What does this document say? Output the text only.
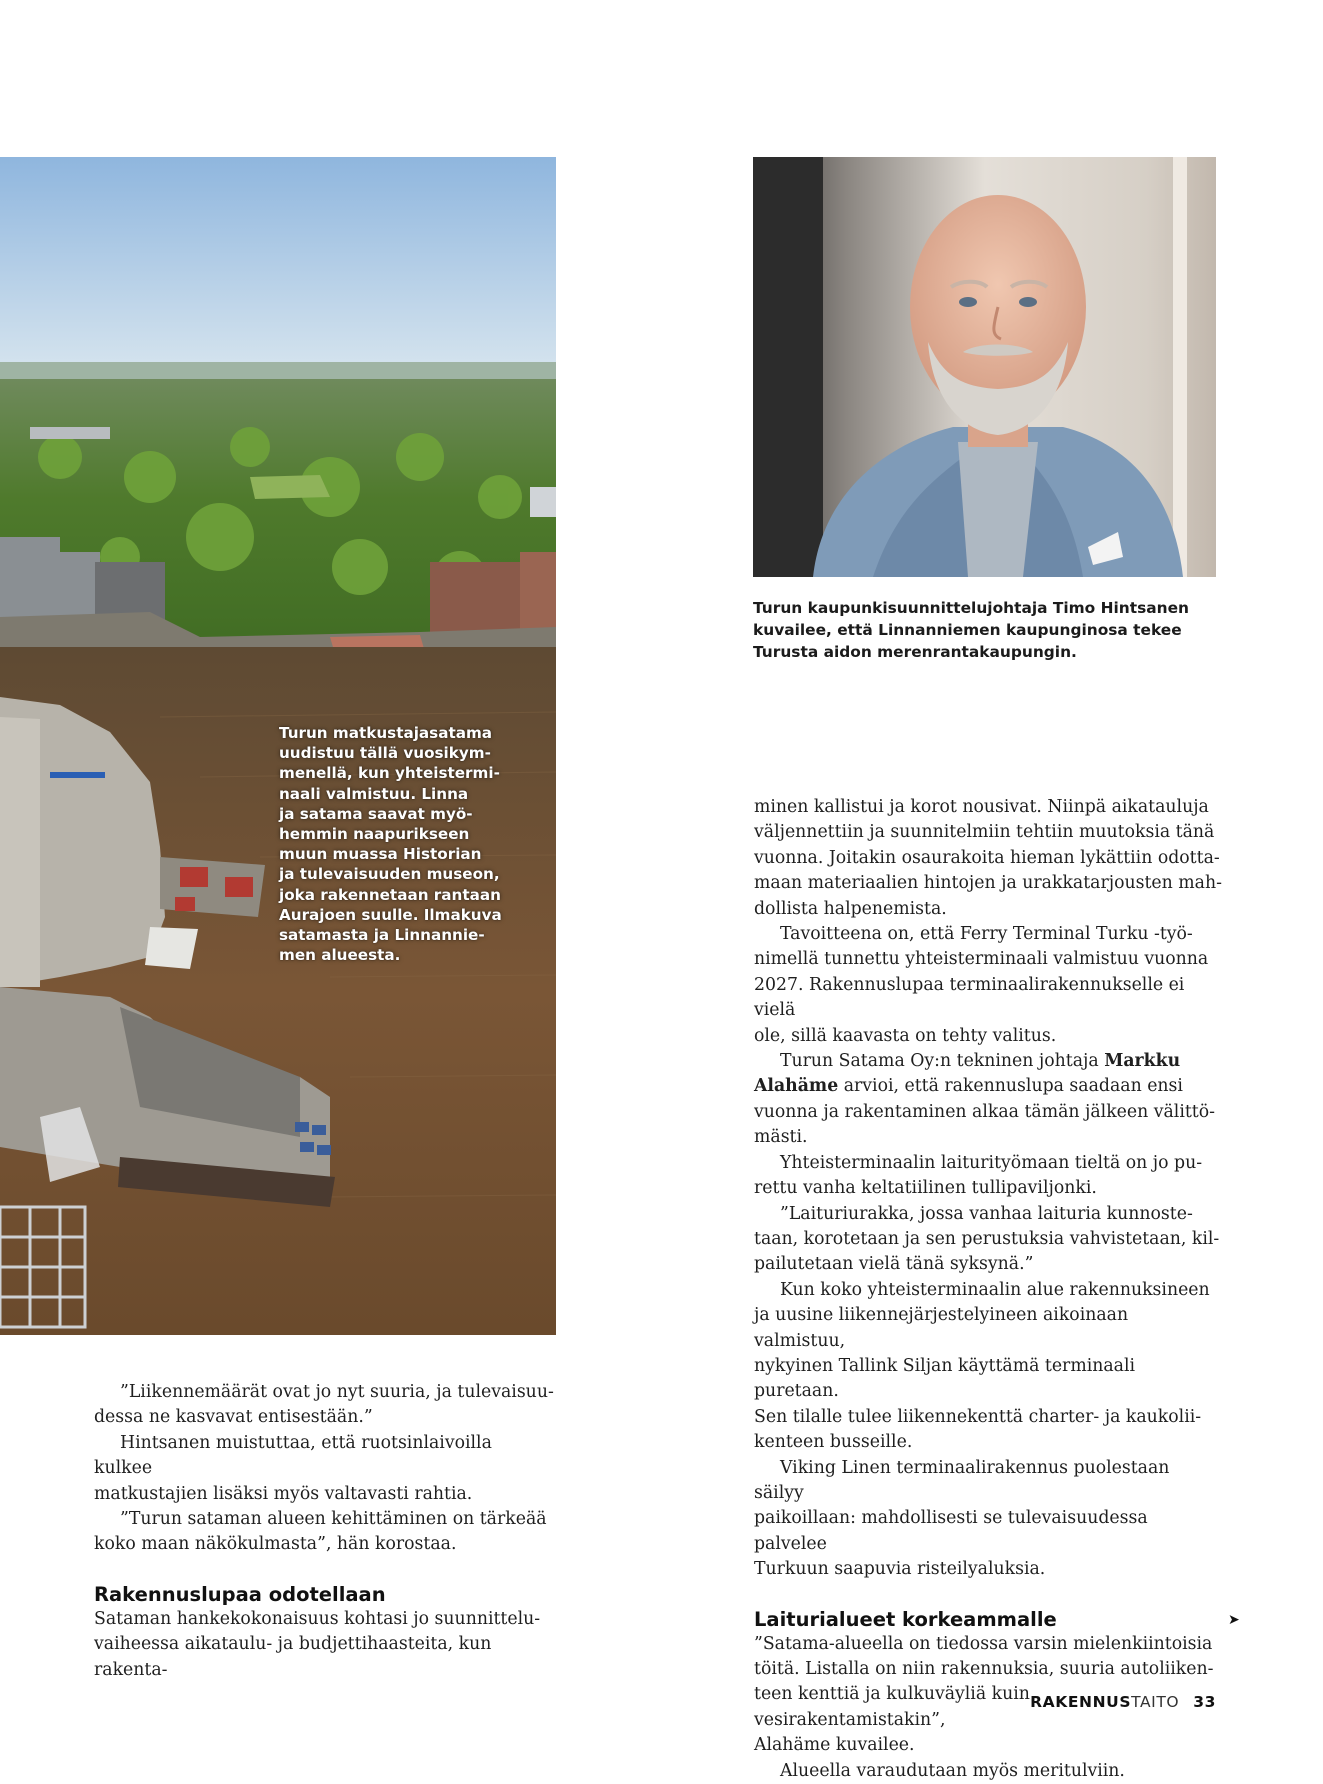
Turun matkustajasatama
uudistuu tällä vuosikym-
menellä, kun yhteistermi-
naali valmistuu. Linna
ja satama saavat myö-
hemmin naapurikseen
muun muassa Historian
ja tulevaisuuden museon,
joka rakennetaan rantaan
Aurajoen suulle. Ilmakuva
satamasta ja Linnannie-
men alueesta.
Turun kaupunkisuunnittelujohtaja Timo Hintsanen
kuvailee, että Linnanniemen kaupunginosa tekee
Turusta aidon merenrantakaupungin.

”Liikennemäärät ovat jo nyt suuria, ja tulevaisuu-
dessa ne kasvavat entisestään.”

Hintsanen muistuttaa, että ruotsinlaivoilla kulkee
matkustajien lisäksi myös valtavasti rahtia.

”Turun sataman alueen kehittäminen on tärkeää
koko maan näkökulmasta”, hän korostaa.

Rakennuslupaa odotellaan

Sataman hankekokonaisuus kohtasi jo suunnittelu-
vaiheessa aikataulu- ja budjettihaasteita, kun rakenta-

minen kallistui ja korot nousivat. Niinpä aikatauluja
väljennettiin ja suunnitelmiin tehtiin muutoksia tänä
vuonna. Joitakin osaurakoita hieman lykättiin odotta-
maan materiaalien hintojen ja urakkatarjousten mah-
dollista halpenemista.

Tavoitteena on, että Ferry Terminal Turku -työ-
nimellä tunnettu yhteisterminaali valmistuu vuonna
2027. Rakennuslupaa terminaalirakennukselle ei vielä
ole, sillä kaavasta on tehty valitus.

Turun Satama Oy:n tekninen johtaja Markku
Alahäme arvioi, että rakennuslupa saadaan ensi
vuonna ja rakentaminen alkaa tämän jälkeen välittö-
mästi.

Yhteisterminaalin laiturityömaan tieltä on jo pu-
rettu vanha keltatiilinen tullipaviljonki.

”Laituriurakka, jossa vanhaa laituria kunnoste-
taan, korotetaan ja sen perustuksia vahvistetaan, kil-
pailutetaan vielä tänä syksynä.”

Kun koko yhteisterminaalin alue rakennuksineen
ja uusine liikennejärjestelyineen aikoinaan valmistuu,
nykyinen Tallink Siljan käyttämä terminaali puretaan.
Sen tilalle tulee liikennekenttä charter- ja kaukolii-
kenteen busseille.

Viking Linen terminaalirakennus puolestaan säilyy
paikoillaan: mahdollisesti se tulevaisuudessa palvelee
Turkuun saapuvia risteilyaluksia.

Laiturialueet korkeammalle

”Satama-alueella on tiedossa varsin mielenkiintoisia
töitä. Listalla on niin rakennuksia, suuria autoliiken-
teen kenttiä ja kulkuväyliä kuin vesirakentamistakin”,
Alahäme kuvailee.

Alueella varaudutaan myös meritulviin.

➤
RAKENNUSTAITO 33
